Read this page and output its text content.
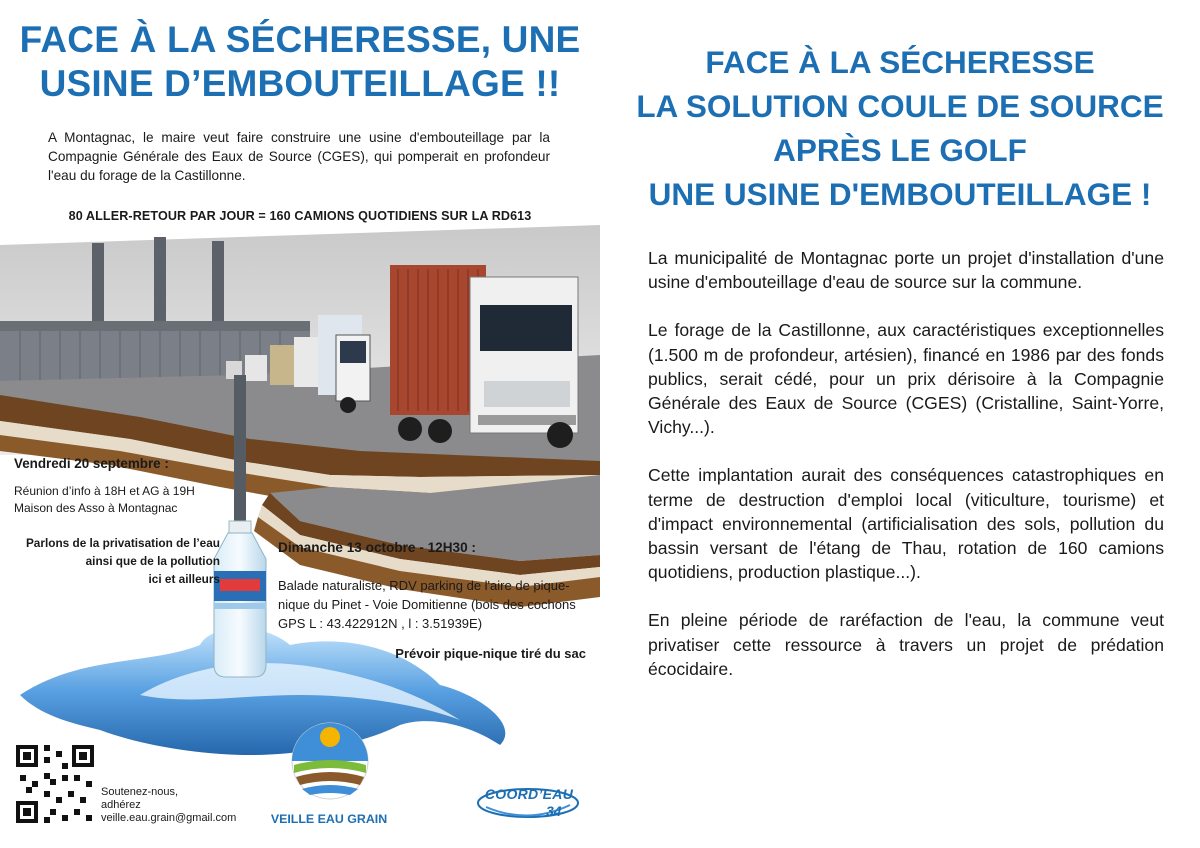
FACE À LA SÉCHERESSE, UNE
USINE D’EMBOUTEILLAGE !!
A Montagnac, le maire veut faire construire une usine d'embouteillage par la Compagnie Générale des Eaux de Source (CGES), qui pomperait en profondeur l'eau du forage de la Castillonne.
80 ALLER-RETOUR PAR JOUR = 160 CAMIONS QUOTIDIENS SUR LA RD613
Vendredi 20 septembre :
Réunion d’info à 18H et AG à 19H
Maison des Asso à Montagnac
Parlons de la privatisation de l’eau
ainsi que de la pollution
ici et ailleurs
Dimanche 13 octobre - 12H30 :
Balade naturaliste, RDV parking de l'aire de pique-nique du Pinet - Voie Domitienne (bois des cochons GPS L : 43.422912N , l : 3.51939E)
Prévoir pique-nique tiré du sac
Soutenez-nous,
adhérez
veille.eau.grain@gmail.com	VEILLE EAU GRAIN
COORD’EAU
34
FACE À LA SÉCHERESSE
LA SOLUTION COULE DE SOURCE
APRÈS LE GOLF
UNE USINE D'EMBOUTEILLAGE !

La municipalité de Montagnac porte un projet d'installation d'une usine d'embouteillage d'eau de source sur la commune.

Le forage de la Castillonne, aux caractéristiques exceptionnelles (1.500 m de profondeur, artésien), financé en 1986 par des fonds publics, serait cédé, pour un prix dérisoire à la Compagnie Générale des Eaux de Source (CGES) (Cristalline, Saint-Yorre, Vichy...).

Cette implantation aurait des conséquences catastrophiques en terme de destruction d'emploi local (viticulture, tourisme) et d'impact environnemental (artificialisation des sols, pollution du bassin versant de l'étang de Thau, rotation de 160 camions quotidiens, production plastique...).

En pleine période de raréfaction de l'eau, la commune veut privatiser cette ressource à travers un projet de prédation écocidaire.
